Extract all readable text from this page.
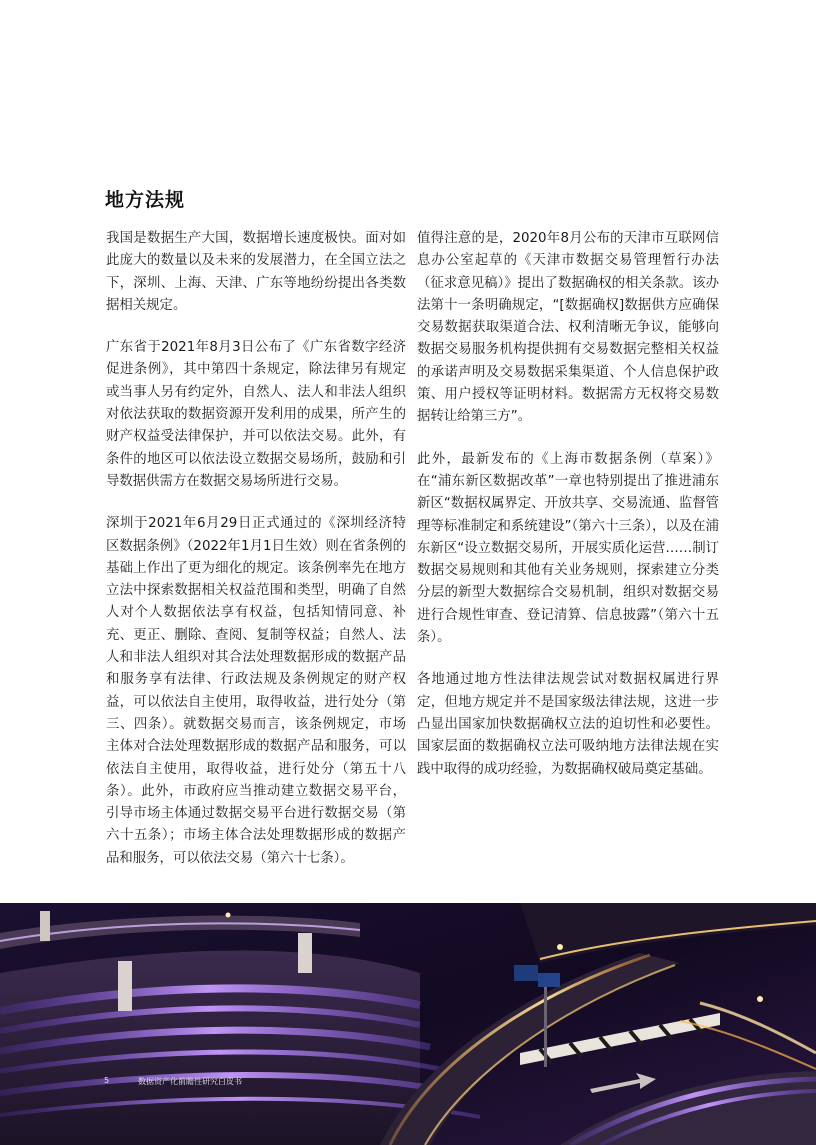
地方法规

我国是数据生产大国，数据增长速度极快。面对如此庞大的数量以及未来的发展潜力，在全国立法之下，深圳、上海、天津、广东等地纷纷提出各类数据相关规定。

广东省于2021年8月3日公布了《广东省数字经济促进条例》，其中第四十条规定，除法律另有规定或当事人另有约定外，自然人、法人和非法人组织对依法获取的数据资源开发利用的成果，所产生的财产权益受法律保护，并可以依法交易。此外，有条件的地区可以依法设立数据交易场所，鼓励和引导数据供需方在数据交易场所进行交易。

深圳于2021年6月29日正式通过的《深圳经济特区数据条例》（2022年1月1日生效）则在省条例的基础上作出了更为细化的规定。该条例率先在地方立法中探索数据相关权益范围和类型，明确了自然人对个人数据依法享有权益，包括知情同意、补充、更正、删除、查阅、复制等权益；自然人、法人和非法人组织对其合法处理数据形成的数据产品和服务享有法律、行政法规及条例规定的财产权益，可以依法自主使用，取得收益，进行处分（第三、四条）。就数据交易而言，该条例规定，市场主体对合法处理数据形成的数据产品和服务，可以依法自主使用，取得收益，进行处分（第五十八条）。此外，市政府应当推动建立数据交易平台，引导市场主体通过数据交易平台进行数据交易（第六十五条）；市场主体合法处理数据形成的数据产品和服务，可以依法交易（第六十七条）。

值得注意的是，2020年8月公布的天津市互联网信息办公室起草的《天津市数据交易管理暂行办法（征求意见稿）》提出了数据确权的相关条款。该办法第十一条明确规定，“[数据确权]数据供方应确保交易数据获取渠道合法、权利清晰无争议，能够向数据交易服务机构提供拥有交易数据完整相关权益的承诺声明及交易数据采集渠道、个人信息保护政策、用户授权等证明材料。数据需方无权将交易数据转让给第三方”。

此外，最新发布的《上海市数据条例（草案）》在“浦东新区数据改革”一章也特别提出了推进浦东新区“数据权属界定、开放共享、交易流通、监督管理等标准制定和系统建设”（第六十三条），以及在浦东新区“设立数据交易所，开展实质化运营……制订数据交易规则和其他有关业务规则，探索建立分类分层的新型大数据综合交易机制，组织对数据交易进行合规性审查、登记清算、信息披露”（第六十五条）。

各地通过地方性法律法规尝试对数据权属进行界定，但地方规定并不是国家级法律法规，这进一步凸显出国家加快数据确权立法的迫切性和必要性。国家层面的数据确权立法可吸纳地方法律法规在实践中取得的成功经验，为数据确权破局奠定基础。

5	数据资产化前瞻性研究白皮书
